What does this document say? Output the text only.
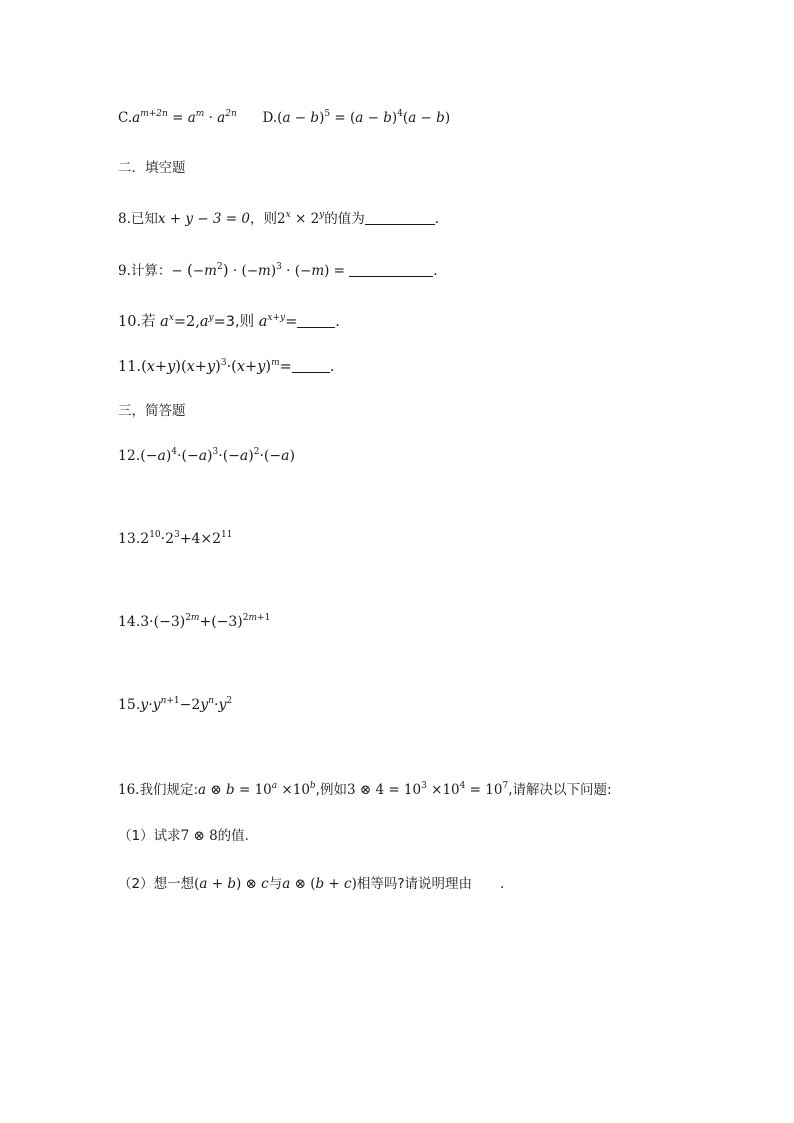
$C.a^{m+2n} = a^m \cdot a^{2n}$ $D.(a - b)^5 = (a - b)^4(a - b)$
二．填空题
8.已知x + y − 3 = 0，则$2^x \times 2^y$的值为	.
9.计算：− $(-m^2) \cdot (-m)^3 \cdot (-m)$ =	.
10.若 $a^x=2,a^y=3$,则 $a^{x+y}=$	.
$11.(x+y)(x+y)^3\cdot(x+y)^m=$	.
三，简答题
$12.(-a)^4\cdot(-a)^3\cdot(-a)^2\cdot(-a)$
$13.2^{10}\cdot 2^3+4\times 2^{11}$
$14.3\cdot(-3)^{2m}+(-3)^{2m+1}$
$15.y\cdot y^{n+1}-2y^n\cdot y^2$
16.我们规定:a ⊗ $b = 10^a \times 10^b$,例如3 ⊗ $4 = 10^3 \times 10^4 = 10^7$,请解决以下问题:
（1）试求7 ⊗ 8的值.
（2）想一想(a + b) ⊗ c与a ⊗ (b + c)相等吗?请说明理由 .
